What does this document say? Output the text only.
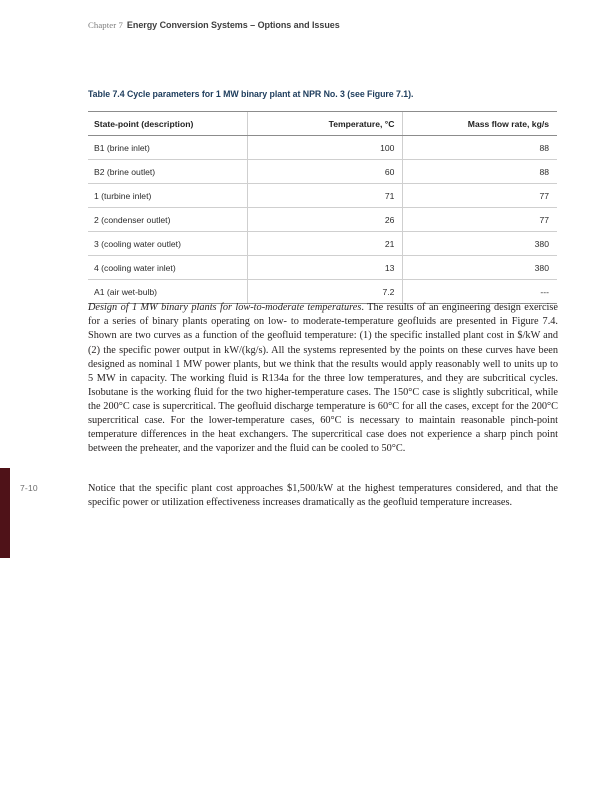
7-10
Chapter 7 Energy Conversion Systems – Options and Issues
Table 7.4 Cycle parameters for 1 MW binary plant at NPR No. 3 (see Figure 7.1).
State-point (description)	Temperature, °C	Mass flow rate, kg/s
B1 (brine inlet)	100	88
B2 (brine outlet)	60	88
1 (turbine inlet)	71	77
2 (condenser outlet)	26	77
3 (cooling water outlet)	21	380
4 (cooling water inlet)	13	380
A1 (air wet-bulb)	7.2	---

Design of 1 MW binary plants for low-to-moderate temperatures. The results of an engineering design exercise for a series of binary plants operating on low- to moderate-temperature geofluids are presented in Figure 7.4. Shown are two curves as a function of the geofluid temperature: (1) the specific installed plant cost in $/kW and (2) the specific power output in kW/(kg/s). All the systems represented by the points on these curves have been designed as nominal 1 MW power plants, but we think that the results would apply reasonably well to units up to 5 MW in capacity. The working fluid is R134a for the three low temperatures, and they are subcritical cycles. Isobutane is the working fluid for the two higher-temperature cases. The 150°C case is slightly subcritical, while the 200°C case is supercritical. The geofluid discharge temperature is 60°C for all the cases, except for the 200°C supercritical case. For the lower-temperature cases, 60°C is necessary to maintain reasonable pinch-point temperature differences in the heat exchangers. The supercritical case does not experience a sharp pinch point between the preheater, and the vaporizer and the fluid can be cooled to 50°C.

Notice that the specific plant cost approaches $1,500/kW at the highest temperatures considered, and that the specific power or utilization effectiveness increases dramatically as the geofluid temperature increases.
